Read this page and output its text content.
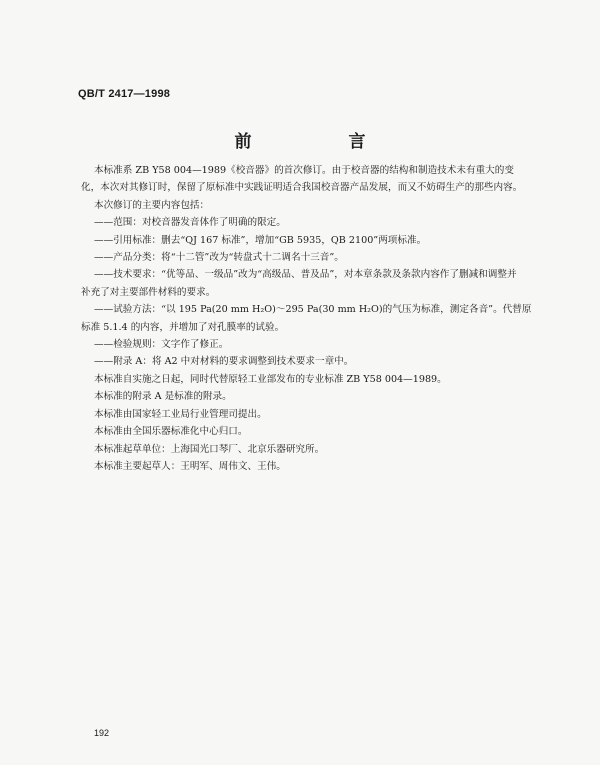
QB/T 2417—1998
前　言
本标准系 ZB Y58 004—1989《校音器》的首次修订。由于校音器的结构和制造技术未有重大的变
化，本次对其修订时，保留了原标准中实践证明适合我国校音器产品发展，而又不妨碍生产的那些内容。
本次修订的主要内容包括：
——范围：对校音器发音体作了明确的限定。
——引用标准：删去“QJ 167 标准”，增加“GB 5935，QB 2100”两项标准。
——产品分类：将“十二管”改为“转盘式十二调名十三音”。
——技术要求：“优等品、一级品”改为“高级品、普及品”，对本章条款及条款内容作了删减和调整并
补充了对主要部件材料的要求。
——试验方法：“以 195 Pa(20 mm H₂O)～295 Pa(30 mm H₂O)的气压为标准，测定各音”。代替原
标准 5.1.4 的内容，并增加了对孔膜率的试验。
——检验规则：文字作了修正。
——附录 A：将 A2 中对材料的要求调整到技术要求一章中。
本标准自实施之日起，同时代替原轻工业部发布的专业标准 ZB Y58 004—1989。
本标准的附录 A 是标准的附录。
本标准由国家轻工业局行业管理司提出。
本标准由全国乐器标准化中心归口。
本标准起草单位：上海国光口琴厂、北京乐器研究所。
本标准主要起草人：王明军、周伟文、王伟。
192
